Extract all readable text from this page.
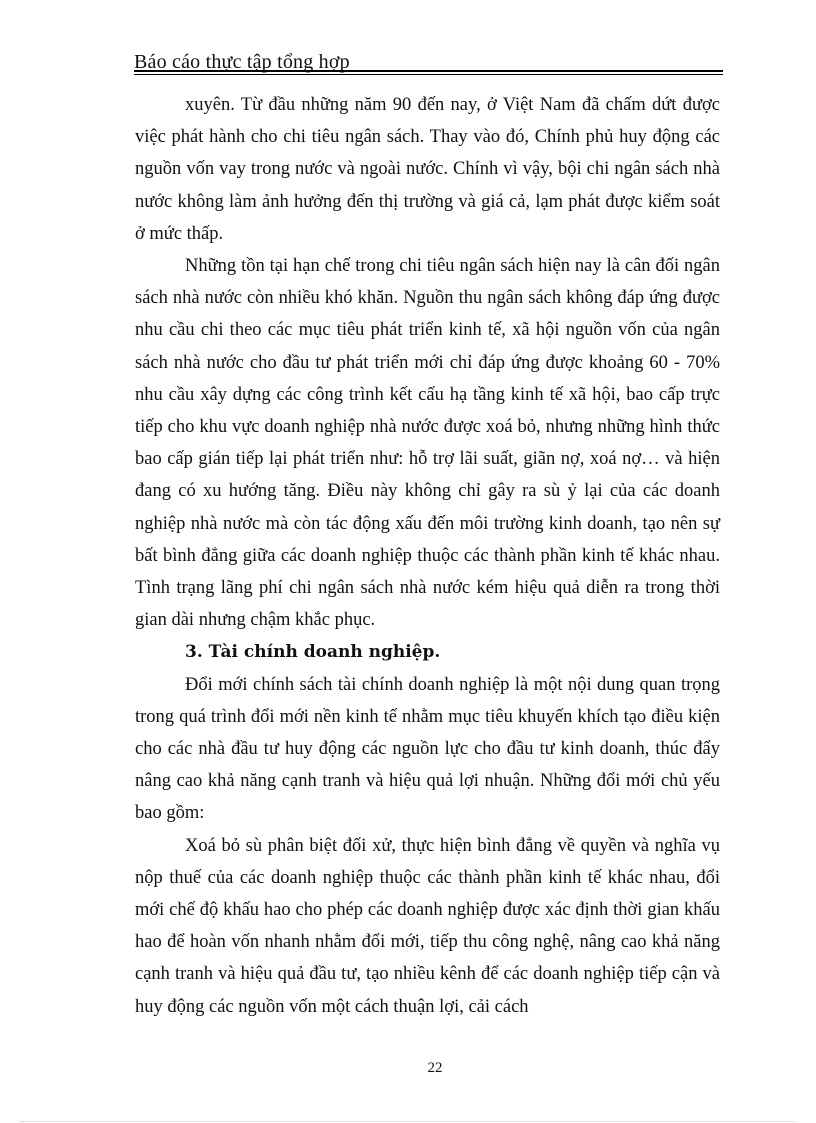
Báo cáo thực tập tổng hợp

xuyên. Từ đầu những năm 90 đến nay, ở Việt Nam đã chấm dứt được việc phát hành cho chi tiêu ngân sách. Thay vào đó, Chính phủ huy động các nguồn vốn vay trong nước và ngoài nước. Chính vì vậy, bội chi ngân sách nhà nước không làm ảnh hưởng đến thị trường và giá cả, lạm phát được kiểm soát ở mức thấp.

Những tồn tại hạn chế trong chi tiêu ngân sách hiện nay là cân đối ngân sách nhà nước còn nhiều khó khăn. Nguồn thu ngân sách không đáp ứng được nhu cầu chi theo các mục tiêu phát triển kinh tế, xã hội nguồn vốn của ngân sách nhà nước cho đầu tư phát triển mới chỉ đáp ứng được khoảng 60 - 70% nhu cầu xây dựng các công trình kết cấu hạ tầng kinh tế xã hội, bao cấp trực tiếp cho khu vực doanh nghiệp nhà nước được xoá bỏ, nhưng những hình thức bao cấp gián tiếp lại phát triển như: hỗ trợ lãi suất, giãn nợ, xoá nợ… và hiện đang có xu hướng tăng. Điều này không chỉ gây ra sù ỷ lại của các doanh nghiệp nhà nước mà còn tác động xấu đến môi trường kinh doanh, tạo nên sự bất bình đẳng giữa các doanh nghiệp thuộc các thành phần kinh tế khác nhau. Tình trạng lãng phí chi ngân sách nhà nước kém hiệu quả diễn ra trong thời gian dài nhưng chậm khắc phục.

3. Tài chính doanh nghiệp.

Đổi mới chính sách tài chính doanh nghiệp là một nội dung quan trọng trong quá trình đổi mới nền kinh tế nhằm mục tiêu khuyến khích tạo điều kiện cho các nhà đầu tư huy động các nguồn lực cho đầu tư kinh doanh, thúc đẩy nâng cao khả năng cạnh tranh và hiệu quả lợi nhuận. Những đổi mới chủ yếu bao gồm:

Xoá bỏ sù phân biệt đối xử, thực hiện bình đẳng về quyền và nghĩa vụ nộp thuế của các doanh nghiệp thuộc các thành phần kinh tế khác nhau, đổi mới chế độ khấu hao cho phép các doanh nghiệp được xác định thời gian khấu hao để hoàn vốn nhanh nhằm đổi mới, tiếp thu công nghệ, nâng cao khả năng cạnh tranh và hiệu quả đầu tư, tạo nhiều kênh để các doanh nghiệp tiếp cận và huy động các nguồn vốn một cách thuận lợi, cải cách

22
